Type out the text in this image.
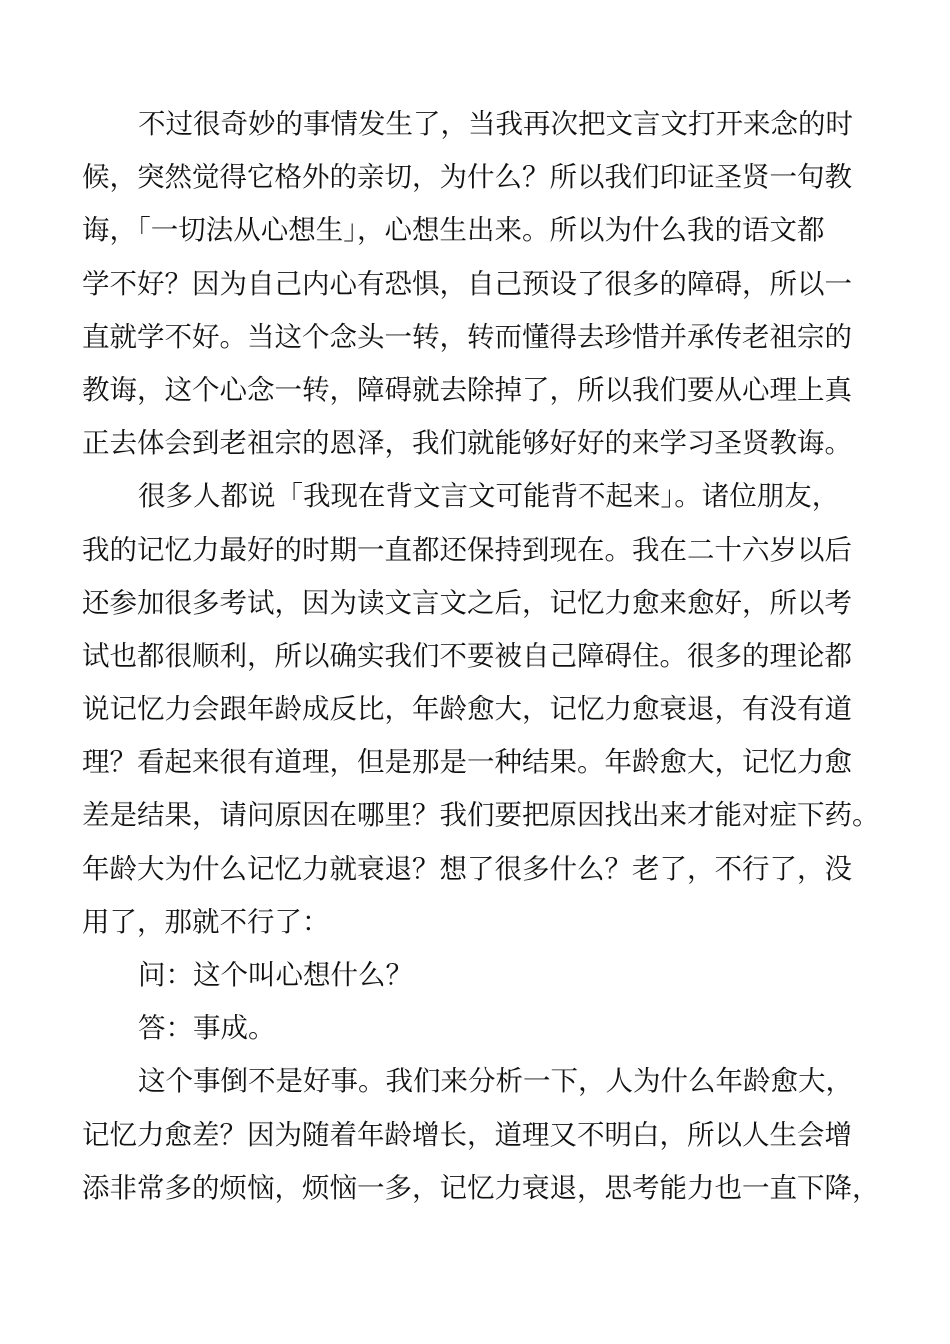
不过很奇妙的事情发生了，当我再次把文言文打开来念的时
候，突然觉得它格外的亲切，为什么？所以我们印证圣贤一句教
诲，「一切法从心想生」，心想生出来。所以为什么我的语文都
学不好？因为自己内心有恐惧，自己预设了很多的障碍，所以一
直就学不好。当这个念头一转，转而懂得去珍惜并承传老祖宗的
教诲，这个心念一转，障碍就去除掉了，所以我们要从心理上真
正去体会到老祖宗的恩泽，我们就能够好好的来学习圣贤教诲。
很多人都说「我现在背文言文可能背不起来」。诸位朋友，
我的记忆力最好的时期一直都还保持到现在。我在二十六岁以后
还参加很多考试，因为读文言文之后，记忆力愈来愈好，所以考
试也都很顺利，所以确实我们不要被自己障碍住。很多的理论都
说记忆力会跟年龄成反比，年龄愈大，记忆力愈衰退，有没有道
理？看起来很有道理，但是那是一种结果。年龄愈大，记忆力愈
差是结果，请问原因在哪里？我们要把原因找出来才能对症下药。
年龄大为什么记忆力就衰退？想了很多什么？老了，不行了，没
用了，那就不行了：
问：这个叫心想什么？
答：事成。
这个事倒不是好事。我们来分析一下，人为什么年龄愈大，
记忆力愈差？因为随着年龄增长，道理又不明白，所以人生会增
添非常多的烦恼，烦恼一多，记忆力衰退，思考能力也一直下降，
